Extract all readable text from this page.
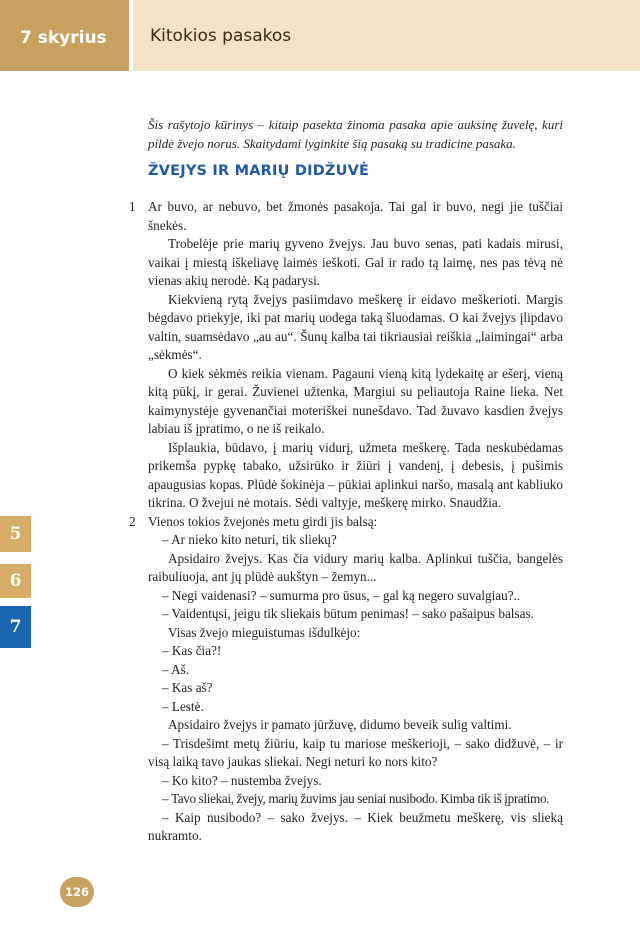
7 skyrius	Kitokios pasakos

Šis rašytojo kūrinys – kitaip pasekta žinoma pasaka apie auksinę žuvelę, kuri pildė žvejo norus. Skaitydami lyginkite šią pasaką su tradicine pasaka.

ŽVEJYS IR MARIŲ DIDŽUVĖ

1 Ar buvo, ar nebuvo, bet žmonės pasakoja. Tai gal ir buvo, negi jie tuščiai šnekės.

Trobelėje prie marių gyveno žvejys. Jau buvo senas, pati kadais mirusi, vaikai į miestą iškeliavę laimės ieškoti. Gal ir rado tą laimę, nes pas tėvą nė vienas akių nerodė. Ką padarysi.

Kiekvieną rytą žvejys pasiimdavo meškerę ir eidavo meškerioti. Margis bėgdavo priekyje, iki pat marių uodega taką šluodamas. O kai žvejys įlipdavo valtin, suamsėdavo „au au“. Šunų kalba tai tikriausiai reiškia „laimingai“ arba „sėkmės“.

O kiek sėkmės reikia vienam. Pagauni vieną kitą lydekaitę ar ešerį, vieną kitą pūkį, ir gerai. Žuvienei užtenka, Margiui su peliautoja Raine lieka. Net kaimynystėje gyvenančiai moteriškei nunešdavo. Tad žuvavo kasdien žvejys labiau iš įpratimo, o ne iš reikalo.

Išplaukia, būdavo, į marių vidurį, užmeta meškerę. Tada neskubėdamas prikemša pypkę tabako, užsirūko ir žiūri į vandenį, į debesis, į pušimis apaugusias kopas. Plūdė šokinėja – pūkiai aplinkui naršo, masalą ant kabliuko tikrina. O žvejui nė motais. Sėdi valtyje, meškerę mirko. Snaudžia.

2 Vienos tokios žvejonės metu girdi jis balsą:

– Ar nieko kito neturi, tik sliekų?

Apsidairo žvejys. Kas čia vidury marių kalba. Aplinkui tuščia, bangelės raibuliuoja, ant jų plūdė aukštyn – žemyn...

– Negi vaidenasi? – sumurma pro ūsus, – gal ką negero suvalgiau?..

– Vaidentųsi, jeigu tik sliekais būtum penimas! – sako pašaipus balsas.

Visas žvejo mieguistumas išdulkėjo:

– Kas čia?!

– Aš.

– Kas aš?

– Lestė.

Apsidairo žvejys ir pamato jūržuvę, didumo beveik sulig valtimi.

– Trisdešimt metų žiūriu, kaip tu mariose meškerioji, – sako didžuvė, – ir visą laiką tavo jaukas sliekai. Negi neturi ko nors kito?

– Ko kito? – nustemba žvejys.

– Tavo sliekai, žvejy, marių žuvims jau seniai nusibodo. Kimba tik iš įpratimo.

– Kaip nusibodo? – sako žvejys. – Kiek beužmetu meškerę, vis slieką nukramto.

5
6
7
126
